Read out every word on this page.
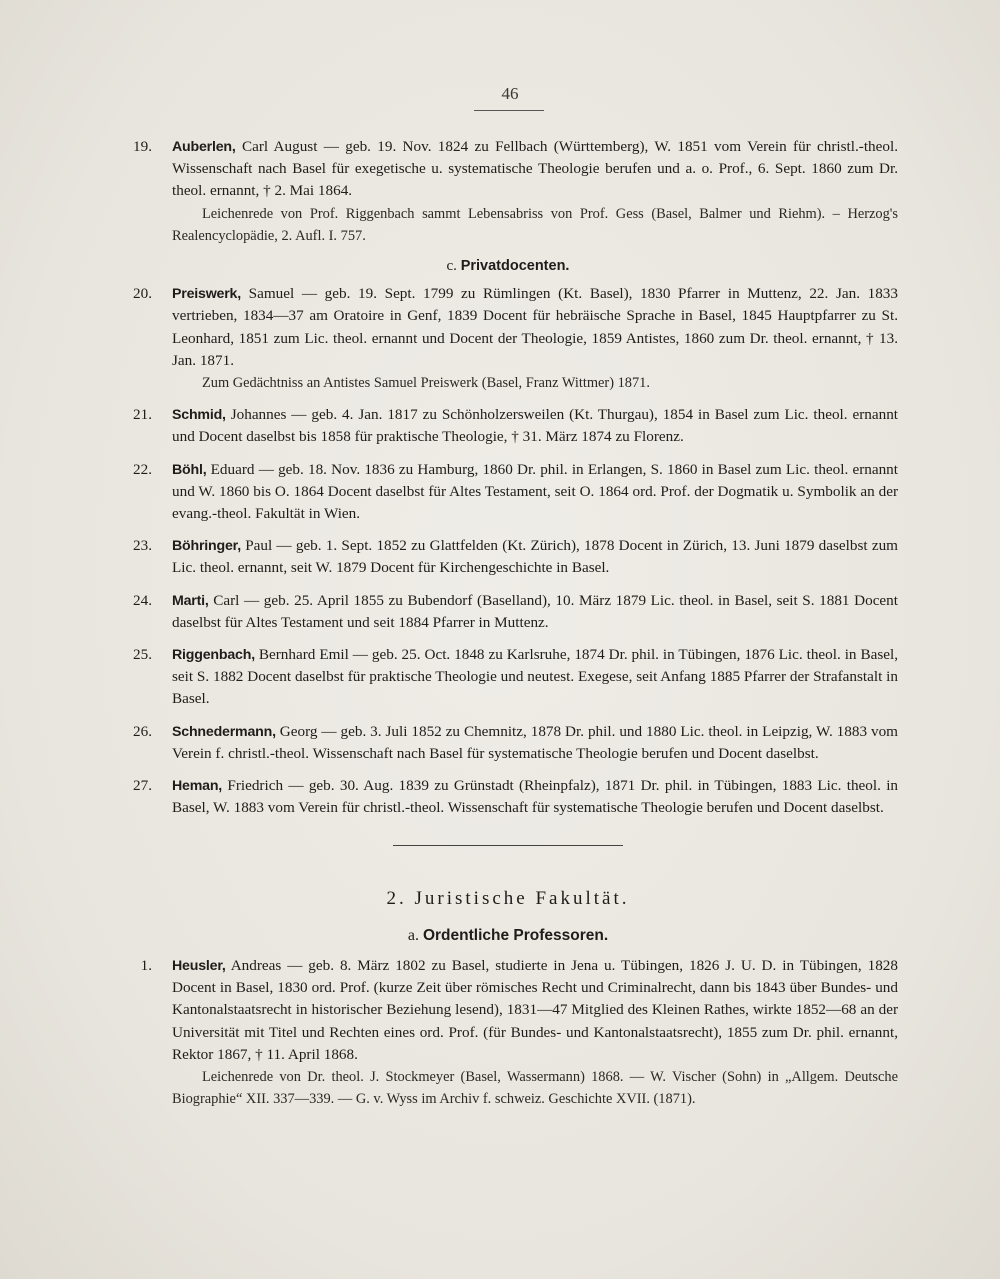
46
19. Auberlen, Carl August — geb. 19. Nov. 1824 zu Fellbach (Württemberg), W. 1851 vom Verein für christl.-theol. Wissenschaft nach Basel für exegetische u. systematische Theologie berufen und a. o. Prof., 6. Sept. 1860 zum Dr. theol. ernannt, † 2. Mai 1864.
Leichenrede von Prof. Riggenbach sammt Lebensabriss von Prof. Gess (Basel, Balmer und Riehm). – Herzog's Realencyclopädie, 2. Aufl. I. 757.
c. Privatdocenten.
20. Preiswerk, Samuel — geb. 19. Sept. 1799 zu Rümlingen (Kt. Basel), 1830 Pfarrer in Muttenz, 22. Jan. 1833 vertrieben, 1834—37 am Oratoire in Genf, 1839 Docent für hebräische Sprache in Basel, 1845 Hauptpfarrer zu St. Leonhard, 1851 zum Lic. theol. ernannt und Docent der Theologie, 1859 Antistes, 1860 zum Dr. theol. ernannt, † 13. Jan. 1871.
Zum Gedächtniss an Antistes Samuel Preiswerk (Basel, Franz Wittmer) 1871.
21. Schmid, Johannes — geb. 4. Jan. 1817 zu Schönholzersweilen (Kt. Thurgau), 1854 in Basel zum Lic. theol. ernannt und Docent daselbst bis 1858 für praktische Theologie, † 31. März 1874 zu Florenz.
22. Böhl, Eduard — geb. 18. Nov. 1836 zu Hamburg, 1860 Dr. phil. in Erlangen, S. 1860 in Basel zum Lic. theol. ernannt und W. 1860 bis O. 1864 Docent daselbst für Altes Testament, seit O. 1864 ord. Prof. der Dogmatik u. Symbolik an der evang.-theol. Fakultät in Wien.
23. Böhringer, Paul — geb. 1. Sept. 1852 zu Glattfelden (Kt. Zürich), 1878 Docent in Zürich, 13. Juni 1879 daselbst zum Lic. theol. ernannt, seit W. 1879 Docent für Kirchengeschichte in Basel.
24. Marti, Carl — geb. 25. April 1855 zu Bubendorf (Baselland), 10. März 1879 Lic. theol. in Basel, seit S. 1881 Docent daselbst für Altes Testament und seit 1884 Pfarrer in Muttenz.
25. Riggenbach, Bernhard Emil — geb. 25. Oct. 1848 zu Karlsruhe, 1874 Dr. phil. in Tübingen, 1876 Lic. theol. in Basel, seit S. 1882 Docent daselbst für praktische Theologie und neutest. Exegese, seit Anfang 1885 Pfarrer der Strafanstalt in Basel.
26. Schnedermann, Georg — geb. 3. Juli 1852 zu Chemnitz, 1878 Dr. phil. und 1880 Lic. theol. in Leipzig, W. 1883 vom Verein f. christl.-theol. Wissenschaft nach Basel für systematische Theologie berufen und Docent daselbst.
27. Heman, Friedrich — geb. 30. Aug. 1839 zu Grünstadt (Rheinpfalz), 1871 Dr. phil. in Tübingen, 1883 Lic. theol. in Basel, W. 1883 vom Verein für christl.-theol. Wissenschaft für systematische Theologie berufen und Docent daselbst.
2. Juristische Fakultät.
a. Ordentliche Professoren.
1. Heusler, Andreas — geb. 8. März 1802 zu Basel, studierte in Jena u. Tübingen, 1826 J. U. D. in Tübingen, 1828 Docent in Basel, 1830 ord. Prof. (kurze Zeit über römisches Recht und Criminalrecht, dann bis 1843 über Bundes- und Kantonalstaatsrecht in historischer Beziehung lesend), 1831—47 Mitglied des Kleinen Rathes, wirkte 1852—68 an der Universität mit Titel und Rechten eines ord. Prof. (für Bundes- und Kantonalstaatsrecht), 1855 zum Dr. phil. ernannt, Rektor 1867, † 11. April 1868.
Leichenrede von Dr. theol. J. Stockmeyer (Basel, Wassermann) 1868. — W. Vischer (Sohn) in „Allgem. Deutsche Biographie“ XII. 337—339. — G. v. Wyss im Archiv f. schweiz. Geschichte XVII. (1871).
